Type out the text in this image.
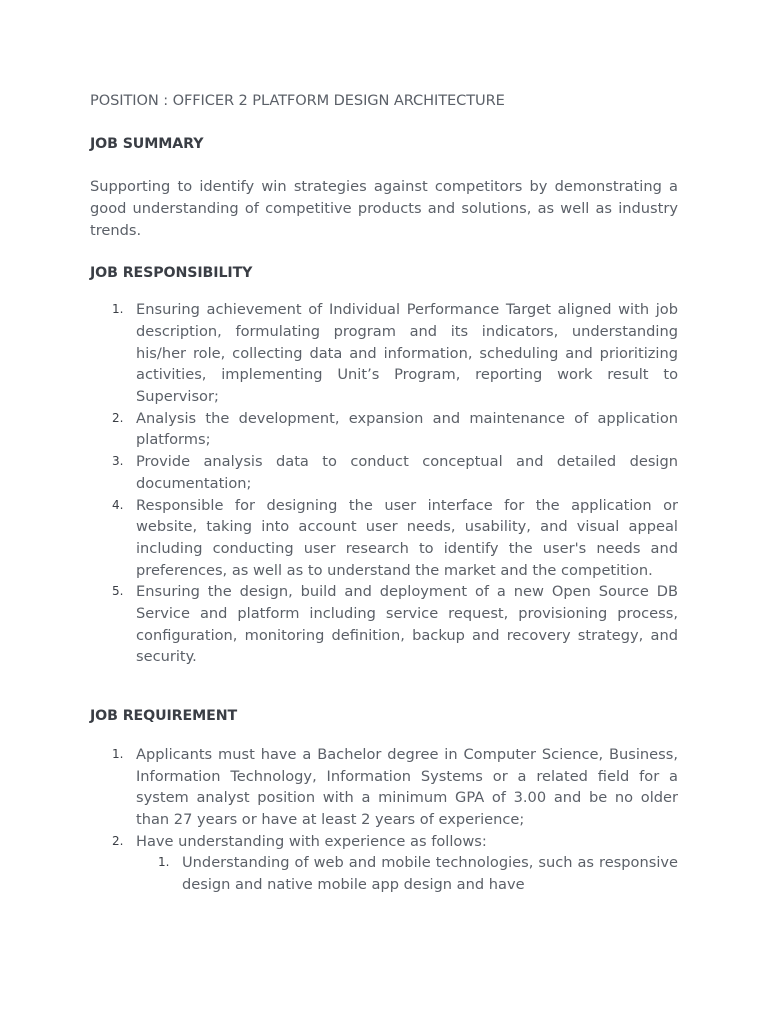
POSITION : OFFICER 2 PLATFORM DESIGN ARCHITECTURE

JOB SUMMARY

Supporting to identify win strategies against competitors by demonstrating a good understanding of competitive products and solutions, as well as industry trends.

JOB RESPONSIBILITY
1. Ensuring achievement of Individual Performance Target aligned with job description, formulating program and its indicators, understanding his/her role, collecting data and information, scheduling and prioritizing activities, implementing Unit’s Program, reporting work result to Supervisor;
2. Analysis the development, expansion and maintenance of application platforms;
3. Provide analysis data to conduct conceptual and detailed design documentation;
4. Responsible for designing the user interface for the application or website, taking into account user needs, usability, and visual appeal including conducting user research to identify the user's needs and preferences, as well as to understand the market and the competition.
5. Ensuring the design, build and deployment of a new Open Source DB Service and platform including service request, provisioning process, configuration, monitoring definition, backup and recovery strategy, and security.
JOB REQUIREMENT
1. Applicants must have a Bachelor degree in Computer Science, Business, Information Technology, Information Systems or a related field for a system analyst position with a minimum GPA of 3.00 and be no older than 27 years or have at least 2 years of experience;
2. Have understanding with experience as follows:
1. Understanding of web and mobile technologies, such as responsive design and native mobile app design and have
